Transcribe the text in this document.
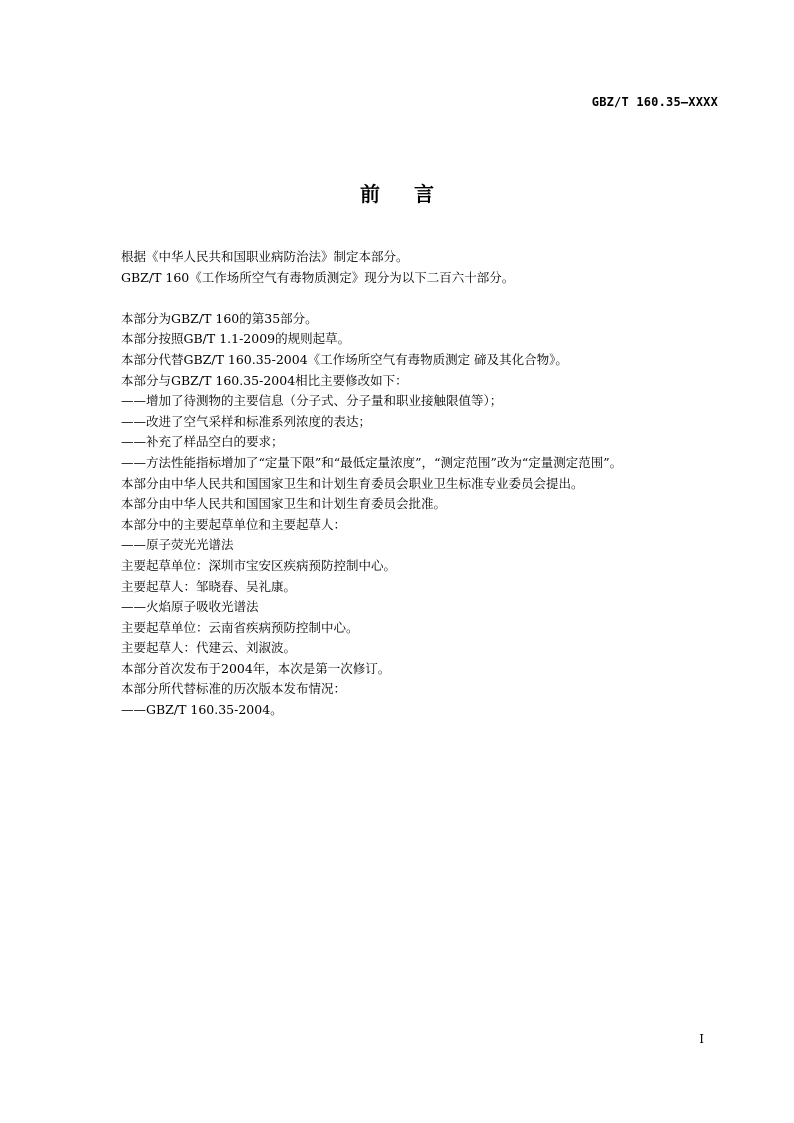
GBZ/T 160.35—XXXX
前言
根据《中华人民共和国职业病防治法》制定本部分。
GBZ/T 160《工作场所空气有毒物质测定》现分为以下二百六十部分。
本部分为GBZ/T 160的第35部分。
本部分按照GB/T 1.1-2009的规则起草。
本部分代替GBZ/T 160.35-2004《工作场所空气有毒物质测定 碲及其化合物》。
本部分与GBZ/T 160.35-2004相比主要修改如下：
——增加了待测物的主要信息（分子式、分子量和职业接触限值等）；
——改进了空气采样和标准系列浓度的表达；
——补充了样品空白的要求；
——方法性能指标增加了“定量下限”和“最低定量浓度”，“测定范围”改为“定量测定范围”。
本部分由中华人民共和国国家卫生和计划生育委员会职业卫生标准专业委员会提出。
本部分由中华人民共和国国家卫生和计划生育委员会批准。
本部分中的主要起草单位和主要起草人：
——原子荧光光谱法
主要起草单位：深圳市宝安区疾病预防控制中心。
主要起草人：邹晓春、吴礼康。
——火焰原子吸收光谱法
主要起草单位：云南省疾病预防控制中心。
主要起草人：代建云、刘淑波。
本部分首次发布于2004年，本次是第一次修订。
本部分所代替标准的历次版本发布情况：
——GBZ/T 160.35-2004。
I
